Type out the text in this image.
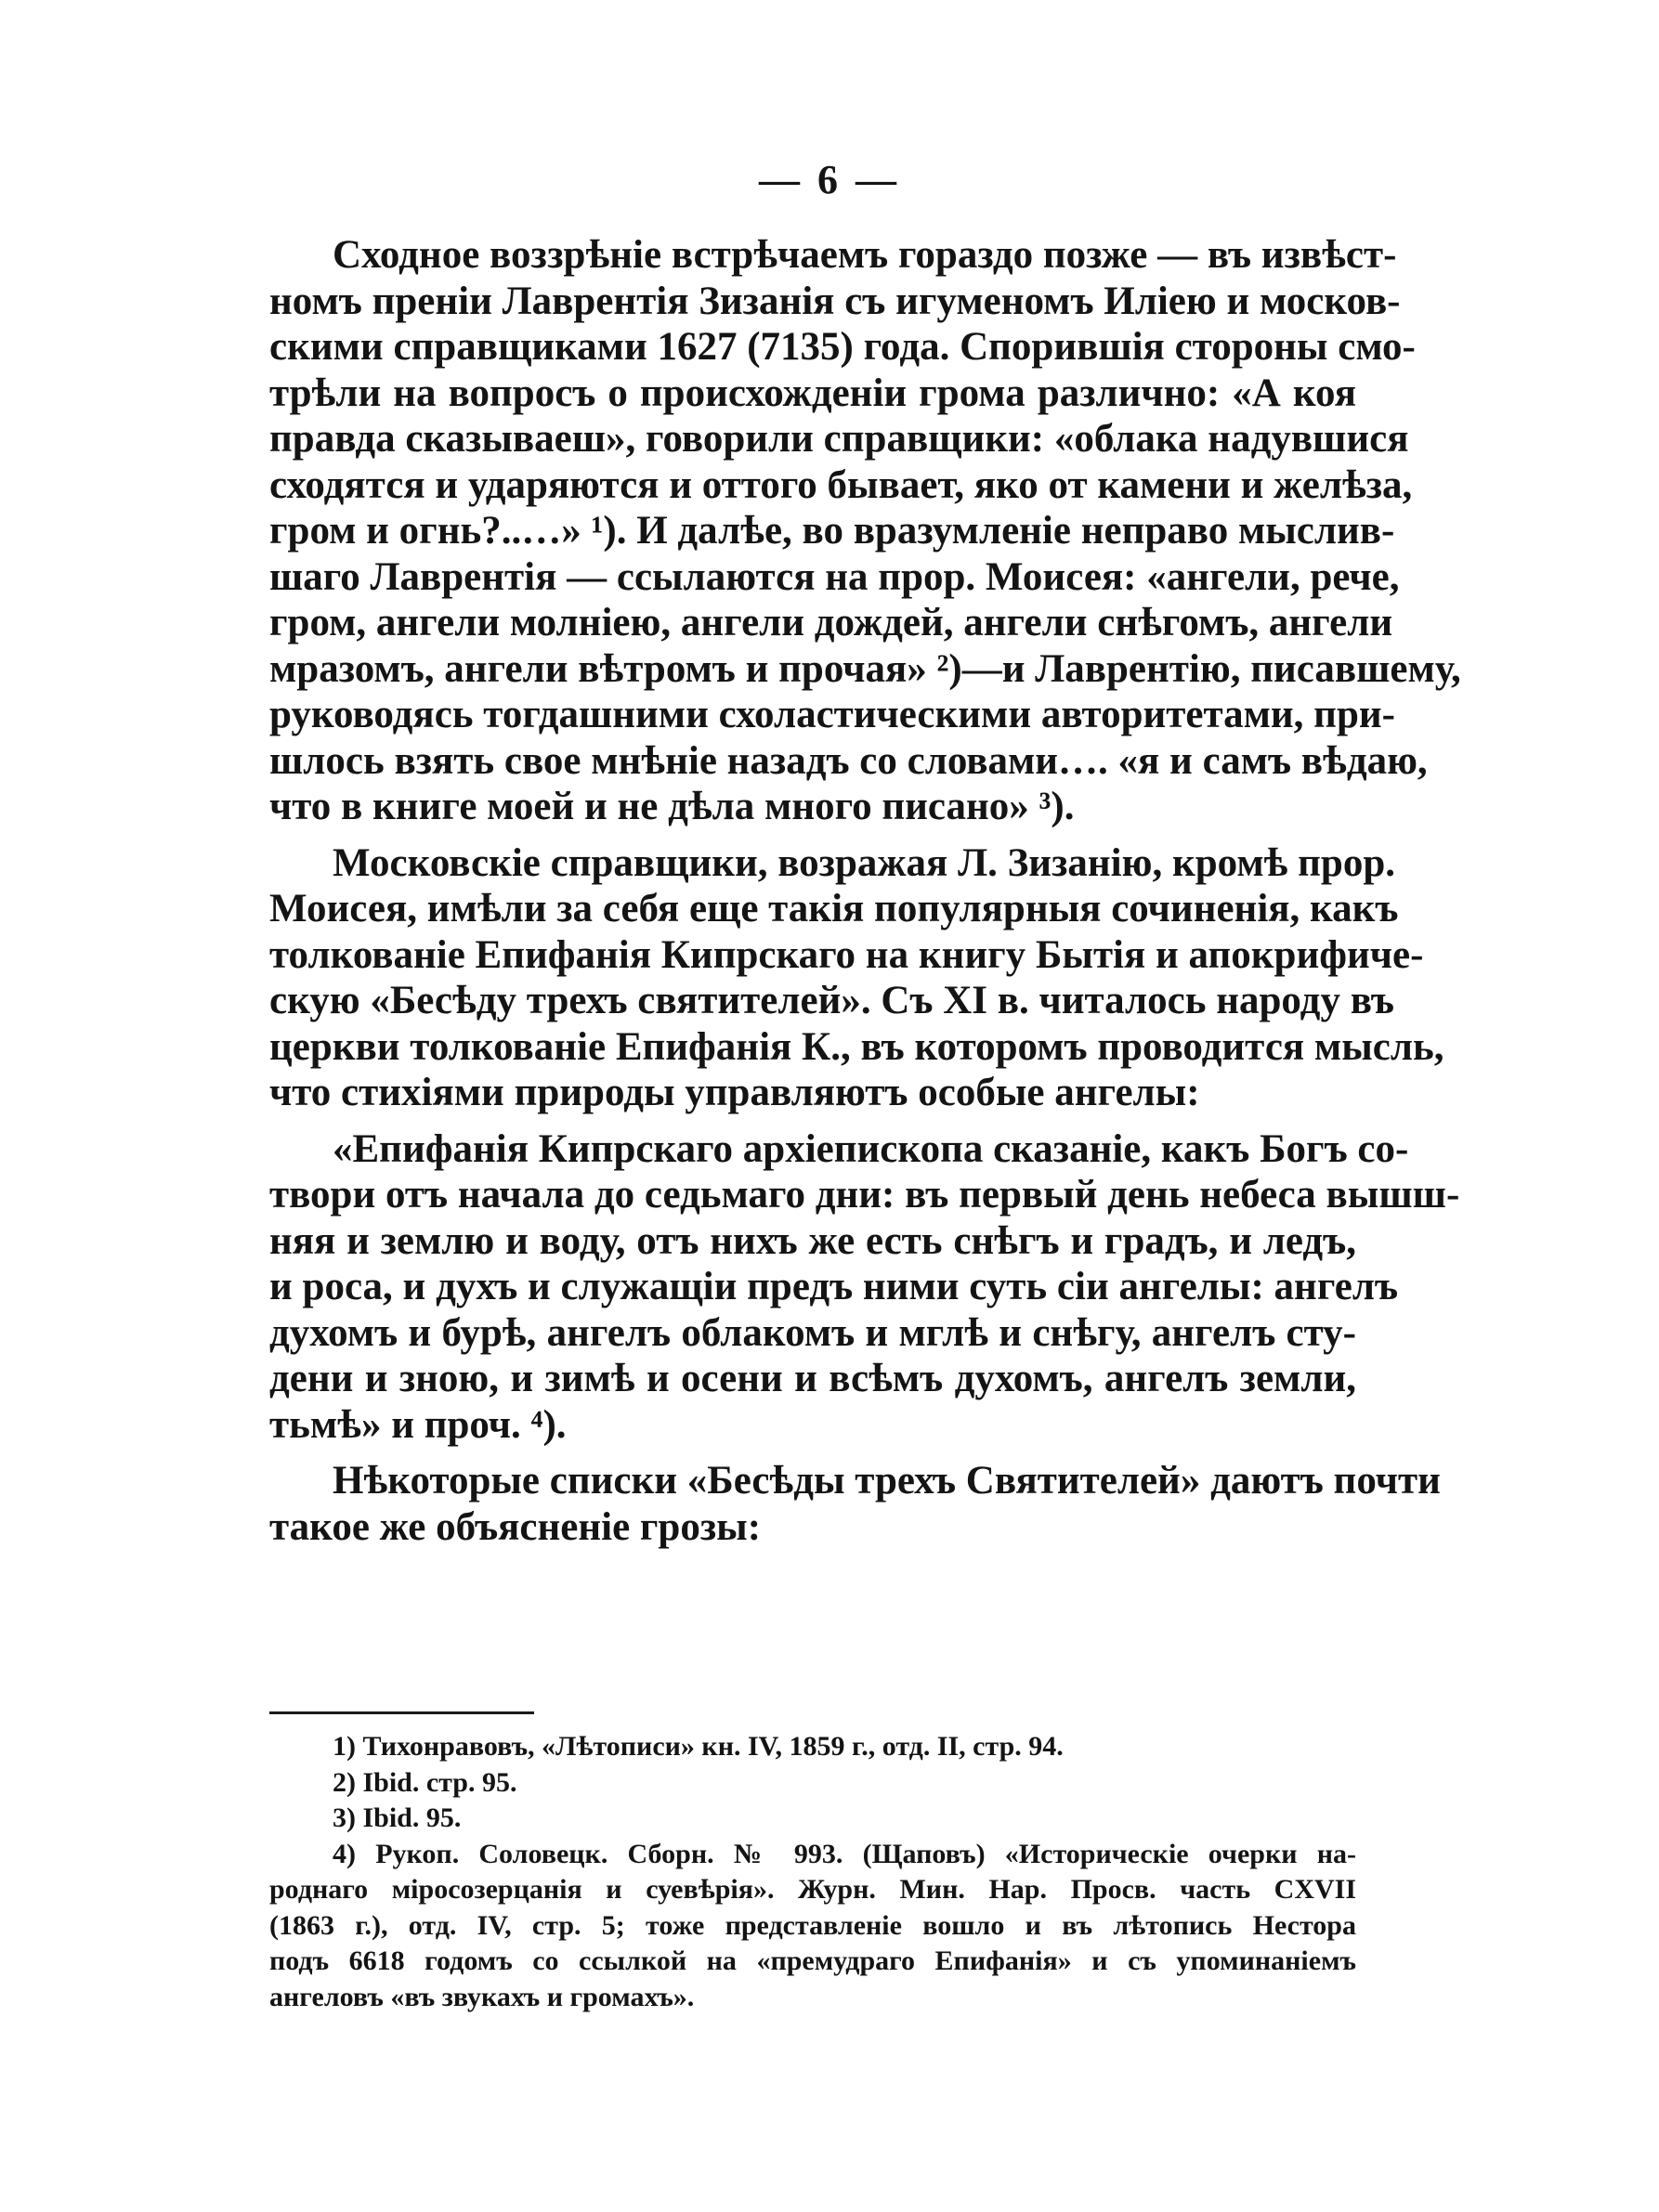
— 6 —
Сходное воззрѣніе встрѣчаемъ гораздо позже — въ извѣст-
номъ преніи Лаврентія Зизанія съ игуменомъ Иліею и москов-
скими справщиками 1627 (7135) года. Спорившія стороны смо-
трѣли на вопросъ о происхожденіи грома различно: «А коя
правда сказываеш», говорили справщики: «облака надувшися
сходятся и ударяются и оттого бывает, яко от камени и желѣза,
гром и огнь?..…» ¹). И далѣе, во вразумленіе неправо мыслив-
шаго Лаврентія — ссылаются на прор. Моисея: «ангели, рече,
гром, ангели молніею, ангели дождей, ангели снѣгомъ, ангели
мразомъ, ангели вѣтромъ и прочая» ²)—и Лаврентію, писавшему,
руководясь тогдашними схоластическими авторитетами, при-
шлось взять свое мнѣніе назадъ со словами…. «я и самъ вѣдаю,
что в книге моей и не дѣла много писано» ³).
Московскіе справщики, возражая Л. Зизанію, кромѣ прор.
Моисея, имѣли за себя еще такія популярныя сочиненія, какъ
толкованіе Епифанія Кипрскаго на книгу Бытія и апокрифиче-
скую «Бесѣду трехъ святителей». Съ XI в. читалось народу въ
церкви толкованіе Епифанія К., въ которомъ проводится мысль,
что стихіями природы управляютъ особые ангелы:
«Епифанія Кипрскаго архіепископа сказаніе, какъ Богъ со-
твори отъ начала до седьмаго дни: въ первый день небеса вышш-
няя и землю и воду, отъ нихъ же есть снѣгъ и градъ, и ледъ,
и роса, и духъ и служащіи предъ ними суть сіи ангелы: ангелъ
духомъ и бурѣ, ангелъ облакомъ и мглѣ и снѣгу, ангелъ сту-
дени и зною, и зимѣ и осени и всѣмъ духомъ, ангелъ земли,
тьмѣ» и проч. ⁴).
Нѣкоторые списки «Бесѣды трехъ Святителей» даютъ почти
такое же объясненіе грозы:
1) Тихонравовъ, «Лѣтописи» кн. IV, 1859 г., отд. II, стр. 94.
2) Ibid. стр. 95.
3) Ibid. 95.
4) Рукоп. Соловецк. Сборн. № 993. (Щаповъ) «Историческіе очерки на-
роднаго міросозерцанія и суевѣрія». Журн. Мин. Нар. Просв. часть CXVII
(1863 г.), отд. IV, стр. 5; тоже представленіе вошло и въ лѣтопись Нестора
подъ 6618 годомъ со ссылкой на «премудраго Епифанія» и съ упоминаніемъ
ангеловъ «въ звукахъ и громахъ».
